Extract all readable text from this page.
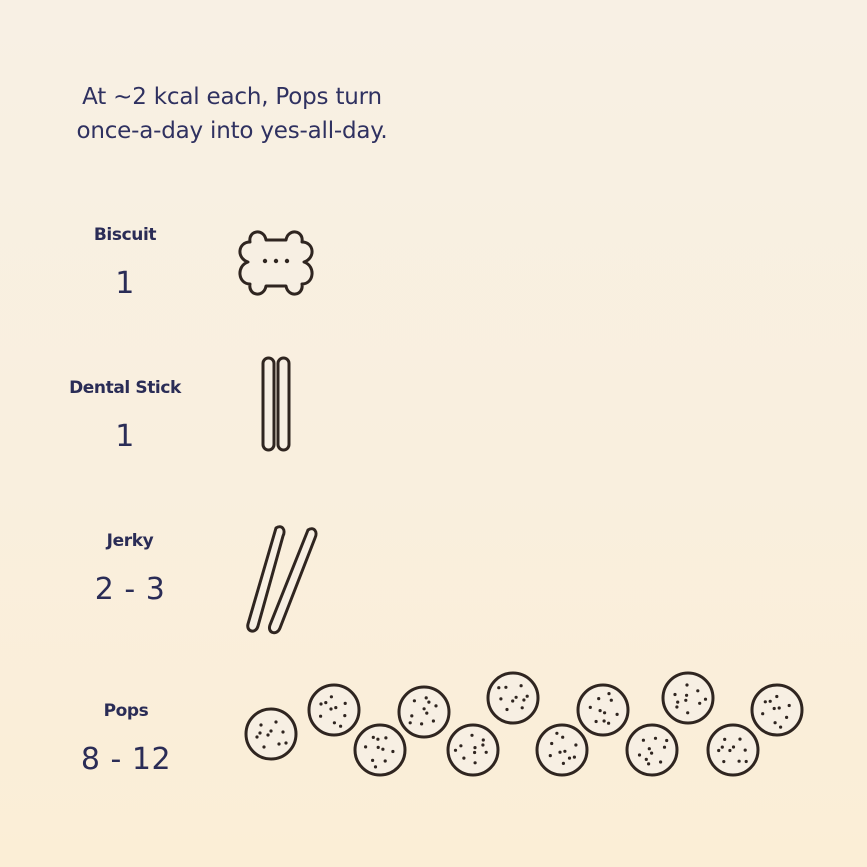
At ~2 kcal each, Pops turn
once-a-day into yes-all-day.
Biscuit
1
Dental Stick
1
Jerky
2 - 3
Pops
8 - 12
